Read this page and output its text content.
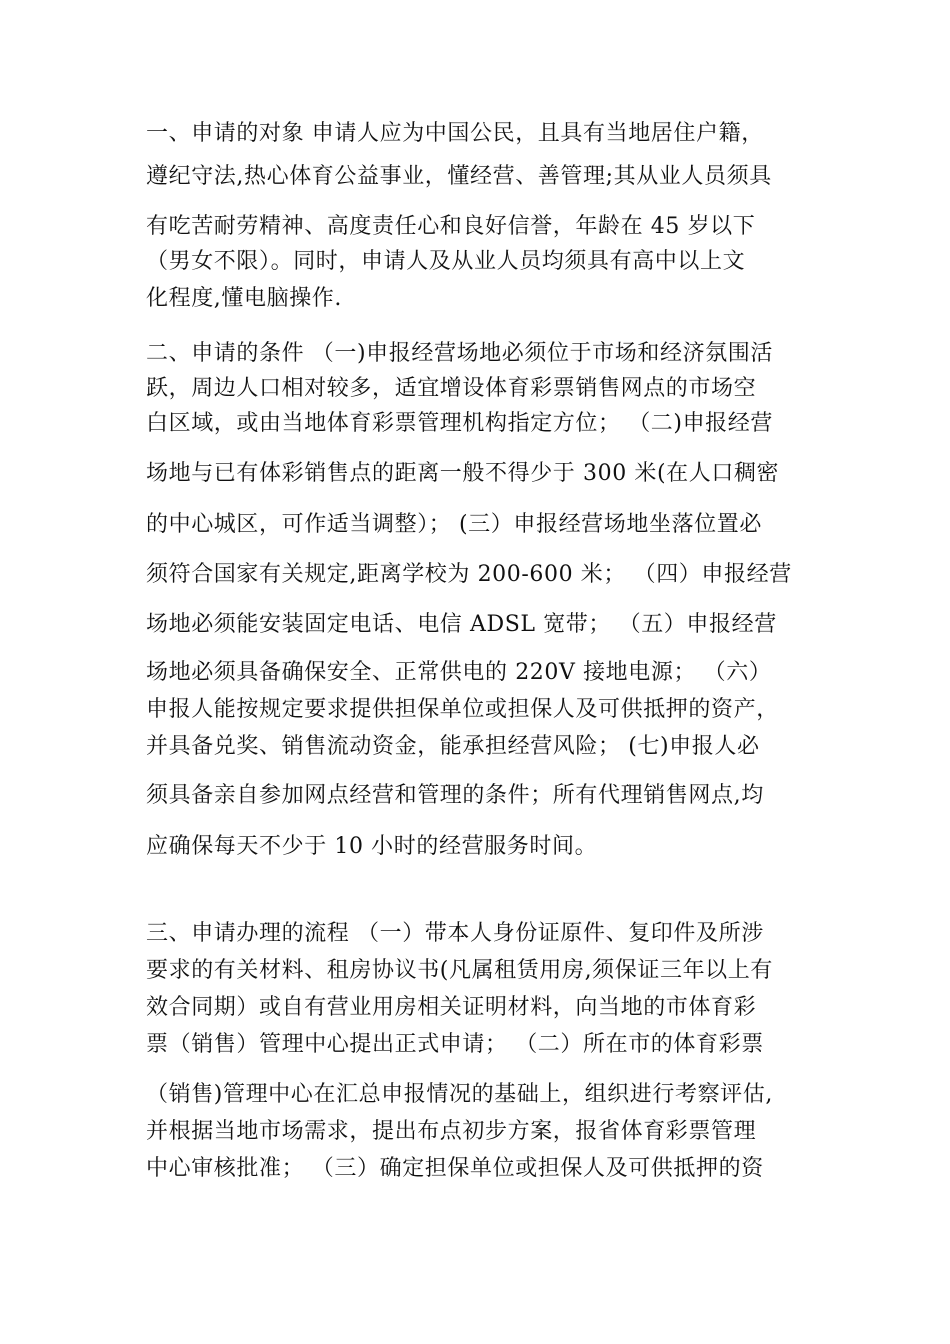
一、申请的对象 申请人应为中国公民，且具有当地居住户籍，
遵纪守法,热心体育公益事业，懂经营、善管理;其从业人员须具
有吃苦耐劳精神、高度责任心和良好信誉，年龄在 45 岁以下
（男女不限）。同时，申请人及从业人员均须具有高中以上文
化程度,懂电脑操作.
二、申请的条件 （一)申报经营场地必须位于市场和经济氛围活
跃，周边人口相对较多，适宜增设体育彩票销售网点的市场空
白区域，或由当地体育彩票管理机构指定方位； （二)申报经营
场地与已有体彩销售点的距离一般不得少于 300 米(在人口稠密
的中心城区，可作适当调整）； (三）申报经营场地坐落位置必
须符合国家有关规定,距离学校为 200-600 米； （四）申报经营
场地必须能安装固定电话、电信 ADSL 宽带； （五）申报经营
场地必须具备确保安全、正常供电的 220V 接地电源； （六）
申报人能按规定要求提供担保单位或担保人及可供抵押的资产，
并具备兑奖、销售流动资金，能承担经营风险； (七)申报人必
须具备亲自参加网点经营和管理的条件；所有代理销售网点,均
应确保每天不少于 10 小时的经营服务时间。
三、申请办理的流程 （一）带本人身份证原件、复印件及所涉
要求的有关材料、租房协议书(凡属租赁用房,须保证三年以上有
效合同期）或自有营业用房相关证明材料，向当地的市体育彩
票（销售）管理中心提出正式申请； （二）所在市的体育彩票
（销售)管理中心在汇总申报情况的基础上，组织进行考察评估,
并根据当地市场需求，提出布点初步方案，报省体育彩票管理
中心审核批准； （三）确定担保单位或担保人及可供抵押的资
